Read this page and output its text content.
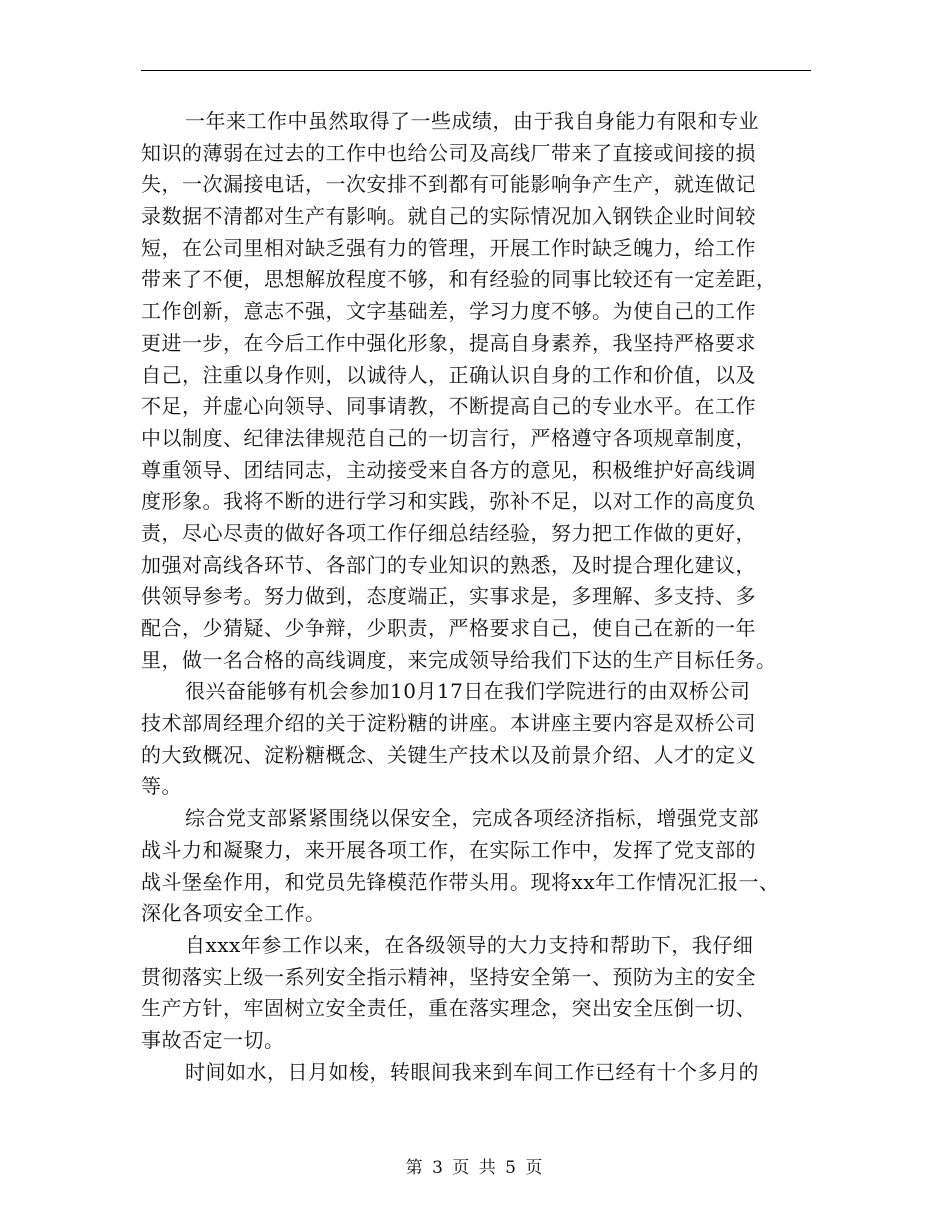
一年来工作中虽然取得了一些成绩，由于我自身能力有限和专业
知识的薄弱在过去的工作中也给公司及高线厂带来了直接或间接的损
失，一次漏接电话，一次安排不到都有可能影响争产生产，就连做记
录数据不清都对生产有影响。就自己的实际情况加入钢铁企业时间较
短，在公司里相对缺乏强有力的管理，开展工作时缺乏魄力，给工作
带来了不便，思想解放程度不够，和有经验的同事比较还有一定差距，
工作创新，意志不强，文字基础差，学习力度不够。为使自己的工作
更进一步，在今后工作中强化形象，提高自身素养，我坚持严格要求
自己，注重以身作则，以诚待人，正确认识自身的工作和价值，以及
不足，并虚心向领导、同事请教，不断提高自己的专业水平。在工作
中以制度、纪律法律规范自己的一切言行，严格遵守各项规章制度，
尊重领导、团结同志，主动接受来自各方的意见，积极维护好高线调
度形象。我将不断的进行学习和实践，弥补不足，以对工作的高度负
责，尽心尽责的做好各项工作仔细总结经验，努力把工作做的更好，
加强对高线各环节、各部门的专业知识的熟悉，及时提合理化建议，
供领导参考。努力做到，态度端正，实事求是，多理解、多支持、多
配合，少猜疑、少争辩，少职责，严格要求自己，使自己在新的一年
里，做一名合格的高线调度，来完成领导给我们下达的生产目标任务。
很兴奋能够有机会参加10月17日在我们学院进行的由双桥公司
技术部周经理介绍的关于淀粉糖的讲座。本讲座主要内容是双桥公司
的大致概况、淀粉糖概念、关键生产技术以及前景介绍、人才的定义
等。
综合党支部紧紧围绕以保安全，完成各项经济指标，增强党支部
战斗力和凝聚力，来开展各项工作，在实际工作中，发挥了党支部的
战斗堡垒作用，和党员先锋模范作带头用。现将xx年工作情况汇报一、
深化各项安全工作。
自xxx年参工作以来，在各级领导的大力支持和帮助下，我仔细
贯彻落实上级一系列安全指示精神，坚持安全第一、预防为主的安全
生产方针，牢固树立安全责任，重在落实理念，突出安全压倒一切、
事故否定一切。
时间如水，日月如梭，转眼间我来到车间工作已经有十个多月的
第 3 页 共 5 页
